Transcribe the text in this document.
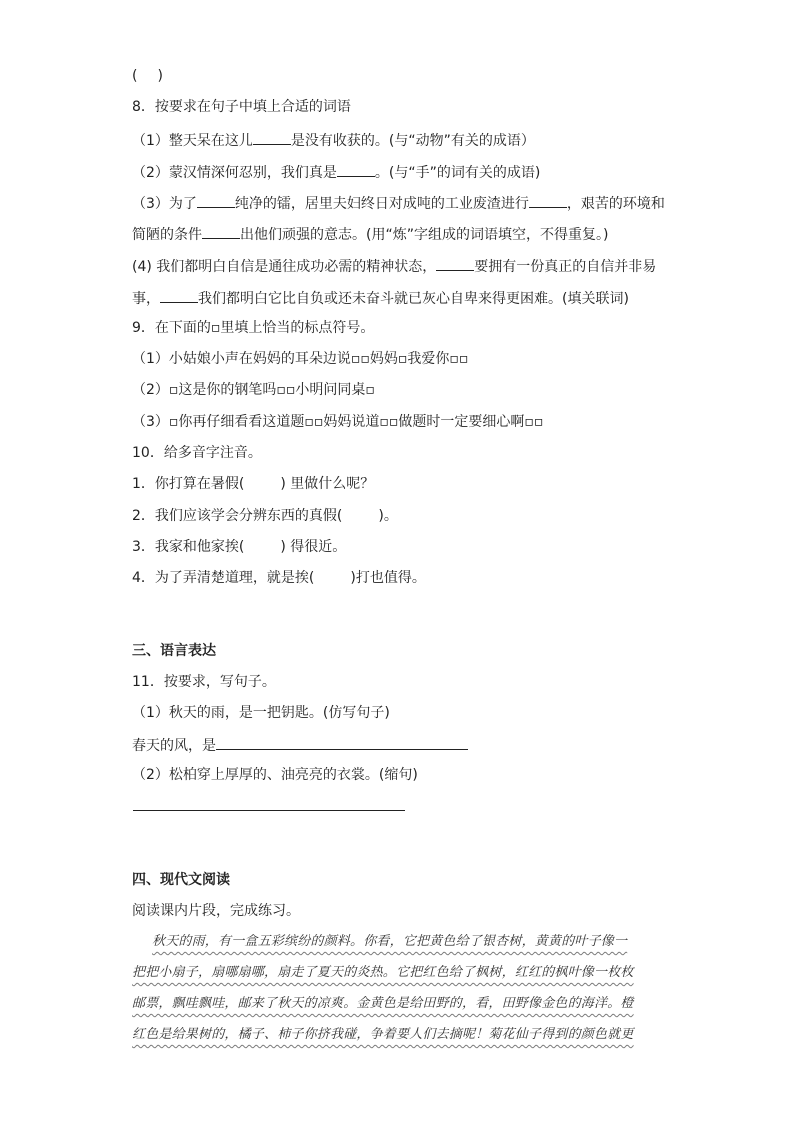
( )
8．按要求在句子中填上合适的词语
（1）整天呆在这儿	是没有收获的。(与“动物”有关的成语）
（2）蒙汉情深何忍别，我们真是	。(与“手”的词有关的成语)
（3）为了	纯净的镭，居里夫妇终日对成吨的工业废渣进行	，艰苦的环境和
简陋的条件	出他们顽强的意志。(用“炼”字组成的词语填空，不得重复。)
(4) 我们都明白自信是通往成功必需的精神状态，	要拥有一份真正的自信并非易
事，	我们都明白它比自负或还未奋斗就已灰心自卑来得更困难。(填关联词)
9．在下面的▫里填上恰当的标点符号。
（1）小姑娘小声在妈妈的耳朵边说▫▫妈妈▫我爱你▫▫
（2）▫这是你的钢笔吗▫▫小明问同桌▫
（3）▫你再仔细看看这道题▫▫妈妈说道▫▫做题时一定要细心啊▫▫
10．给多音字注音。
1．你打算在暑假(	) 里做什么呢？
2．我们应该学会分辨东西的真假(	)。
3．我家和他家挨(	) 得很近。
4．为了弄清楚道理，就是挨(	)打也值得。
三、语言表达
11．按要求，写句子。
（1）秋天的雨，是一把钥匙。(仿写句子)
春天的风，是
（2）松柏穿上厚厚的、油亮亮的衣裳。(缩句)
四、现代文阅读
阅读课内片段，完成练习。
秋天的雨，有一盒五彩缤纷的颜料。你看，它把黄色给了银杏树，黄黄的叶子像一
把把小扇子，扇哪扇哪，扇走了夏天的炎热。它把红色给了枫树，红红的枫叶像一枚枚
邮票，飘哇飘哇，邮来了秋天的凉爽。金黄色是给田野的，看，田野像金色的海洋。橙
红色是给果树的，橘子、柿子你挤我碰，争着要人们去摘呢！菊花仙子得到的颜色就更
